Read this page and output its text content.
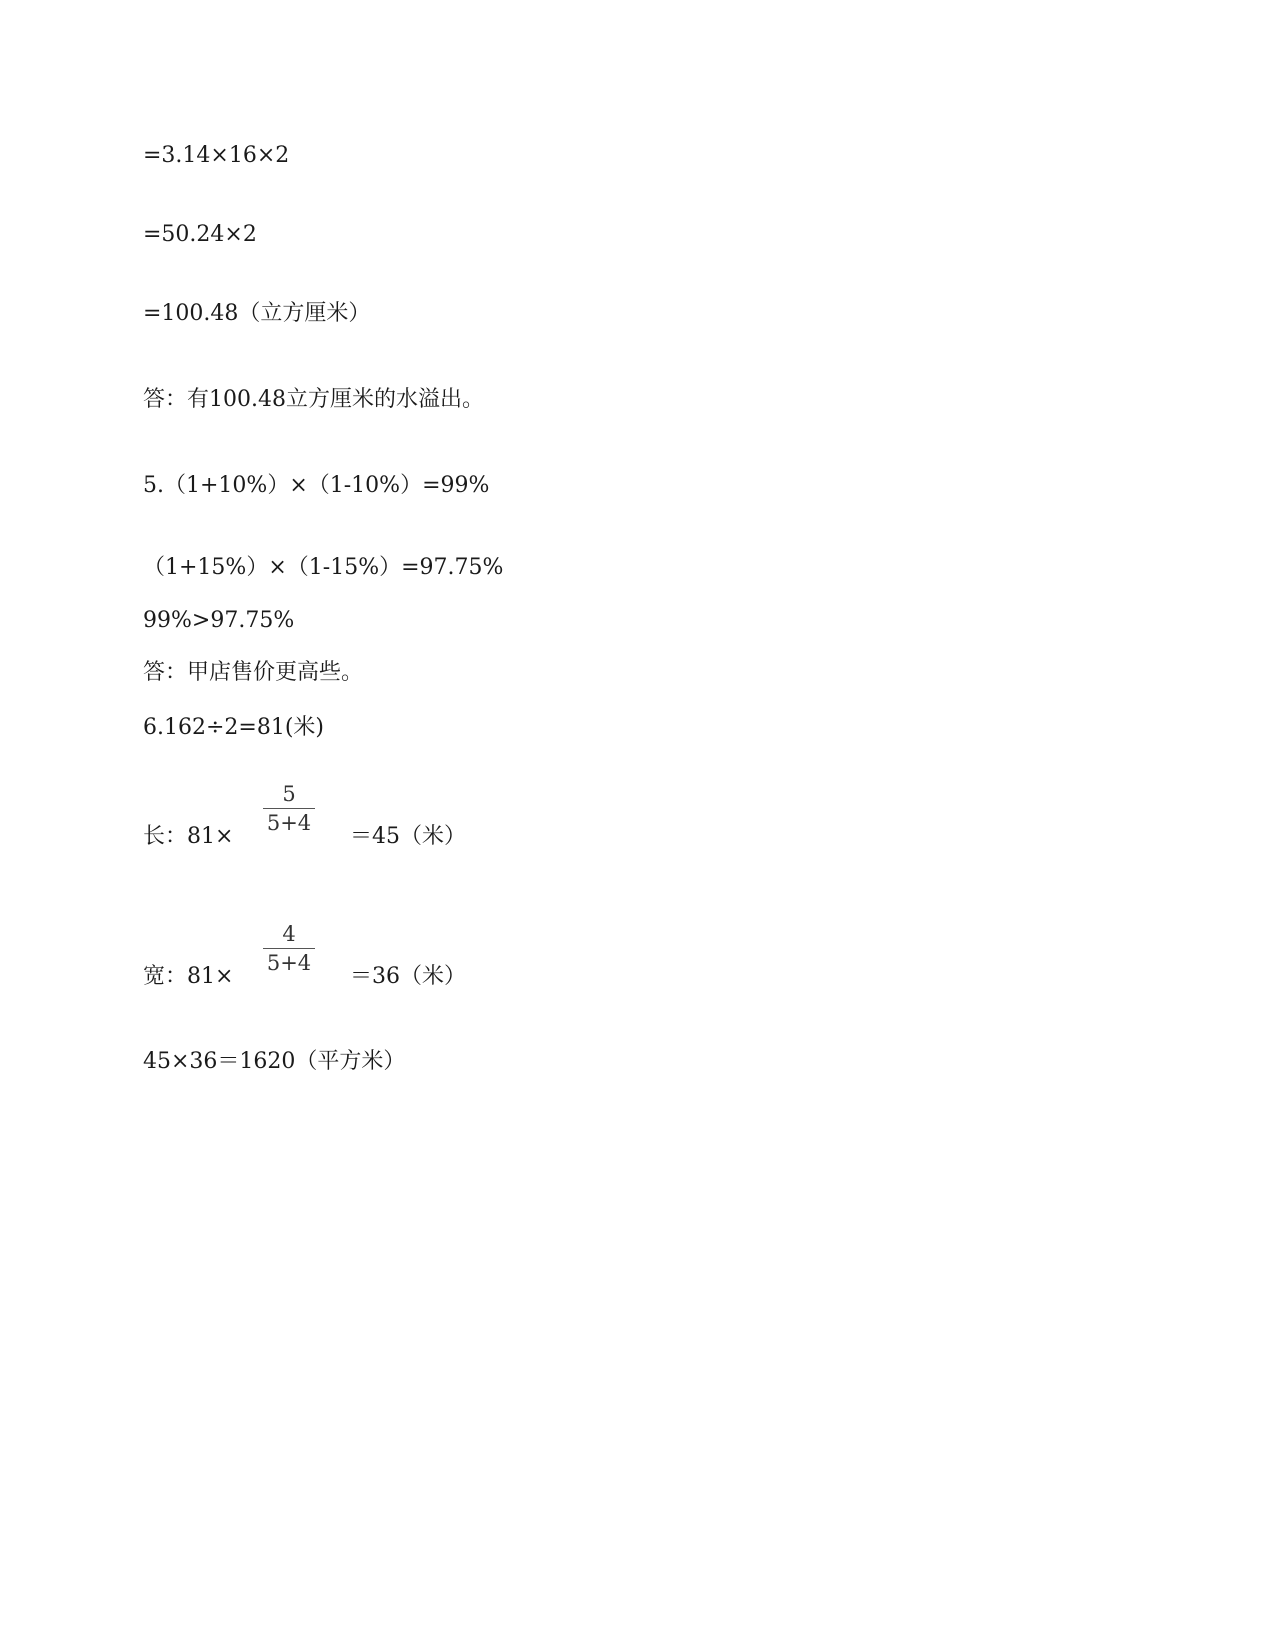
=3.14×16×2
=50.24×2
=100.48（立方厘米）
答：有100.48立方厘米的水溢出。
5.（1+10%）×（1-10%）=99%
（1+15%）×（1-15%）=97.75%
99%>97.75%
答：甲店售价更高些。
6.162÷2=81(米)
长：81×
5
5+4
＝45（米）
宽：81×
4
5+4
＝36（米）
45×36＝1620（平方米）
